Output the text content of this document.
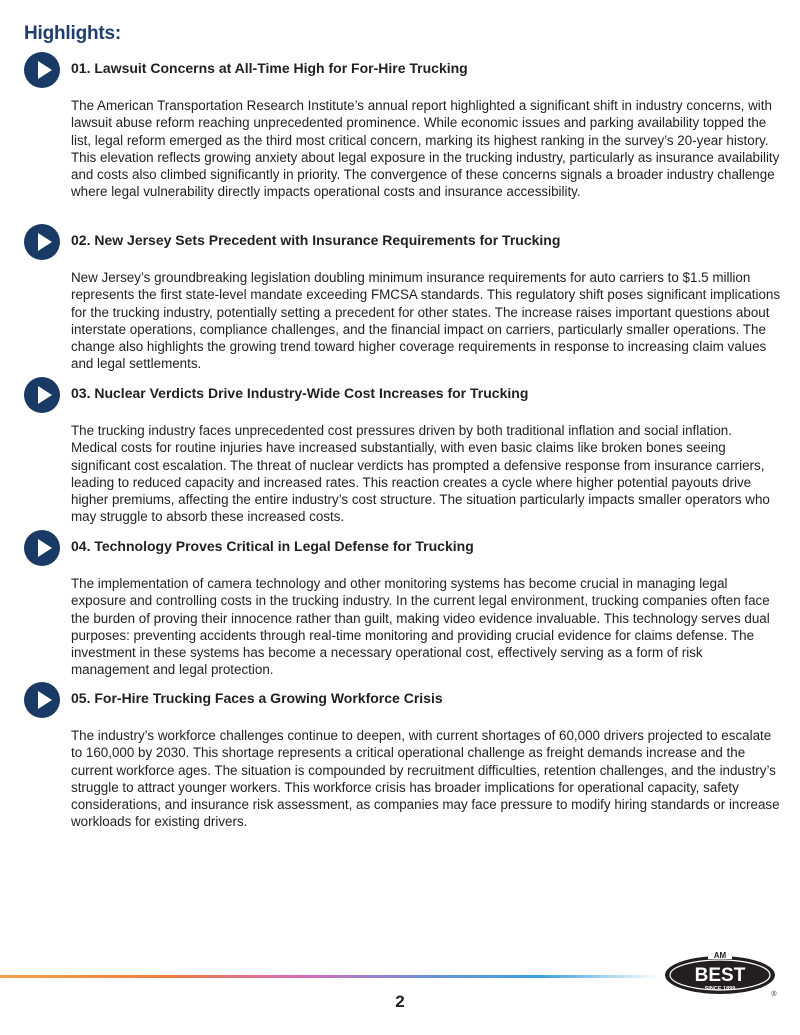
Highlights:
01. Lawsuit Concerns at All-Time High for For-Hire Trucking

The American Transportation Research Institute’s annual report highlighted a significant shift in industry concerns, with lawsuit abuse reform reaching unprecedented prominence. While economic issues and parking availability topped the list, legal reform emerged as the third most critical concern, marking its highest ranking in the survey’s 20-year history. This elevation reflects growing anxiety about legal exposure in the trucking industry, particularly as insurance availability and costs also climbed significantly in priority. The convergence of these concerns signals a broader industry challenge where legal vulnerability directly impacts operational costs and insurance accessibility.

02. New Jersey Sets Precedent with Insurance Requirements for Trucking

New Jersey’s groundbreaking legislation doubling minimum insurance requirements for auto carriers to $1.5 million represents the first state-level mandate exceeding FMCSA standards. This regulatory shift poses significant implications for the trucking industry, potentially setting a precedent for other states. The increase raises important questions about interstate operations, compliance challenges, and the financial impact on carriers, particularly smaller operations. The change also highlights the growing trend toward higher coverage requirements in response to increasing claim values and legal settlements.

03. Nuclear Verdicts Drive Industry-Wide Cost Increases for Trucking

The trucking industry faces unprecedented cost pressures driven by both traditional inflation and social inflation. Medical costs for routine injuries have increased substantially, with even basic claims like broken bones seeing significant cost escalation. The threat of nuclear verdicts has prompted a defensive response from insurance carriers, leading to reduced capacity and increased rates. This reaction creates a cycle where higher potential payouts drive higher premiums, affecting the entire industry’s cost structure. The situation particularly impacts smaller operators who may struggle to absorb these increased costs.

04. Technology Proves Critical in Legal Defense for Trucking

The implementation of camera technology and other monitoring systems has become crucial in managing legal exposure and controlling costs in the trucking industry. In the current legal environment, trucking companies often face the burden of proving their innocence rather than guilt, making video evidence invaluable. This technology serves dual purposes: preventing accidents through real-time monitoring and providing crucial evidence for claims defense. The investment in these systems has become a necessary operational cost, effectively serving as a form of risk management and legal protection.

05. For-Hire Trucking Faces a Growing Workforce Crisis

The industry’s workforce challenges continue to deepen, with current shortages of 60,000 drivers projected to escalate to 160,000 by 2030. This shortage represents a critical operational challenge as freight demands increase and the current workforce ages. The situation is compounded by recruitment difficulties, retention challenges, and the industry’s struggle to attract younger workers. This workforce crisis has broader implications for operational capacity, safety considerations, and insurance risk assessment, as companies may face pressure to modify hiring standards or increase workloads for existing drivers.

2
AM
BEST
SINCE 1899
®
